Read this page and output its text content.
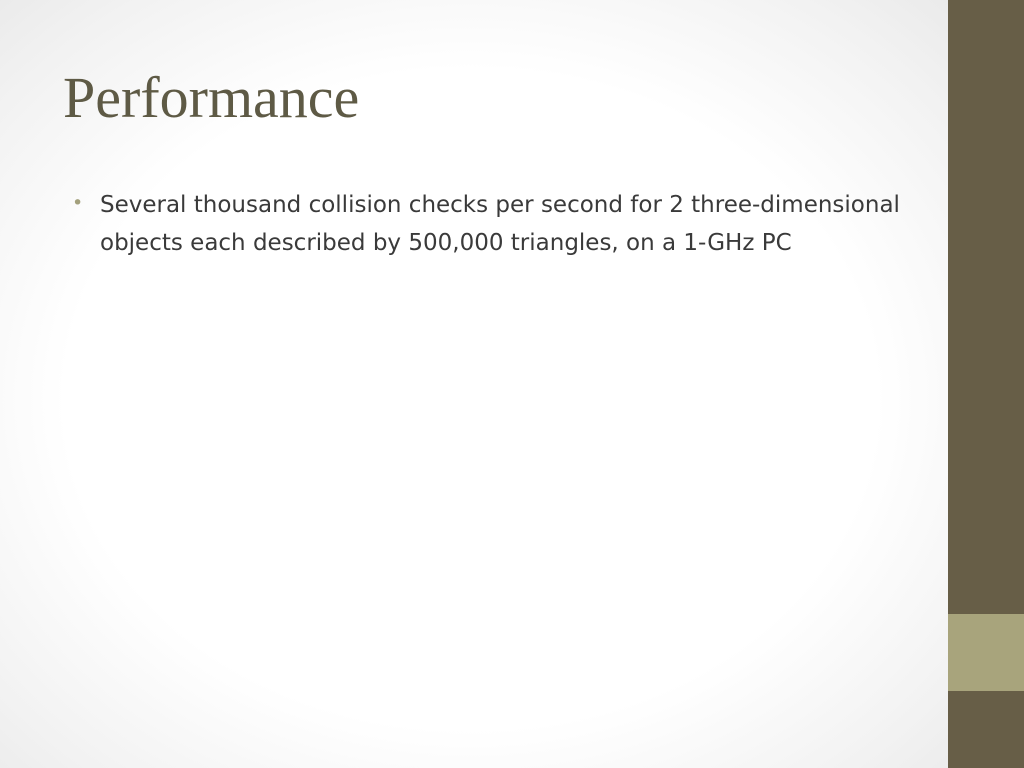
Performance
• Several thousand collision checks per second for 2 three-dimensional objects each described by 500,000 triangles, on a 1-GHz PC
